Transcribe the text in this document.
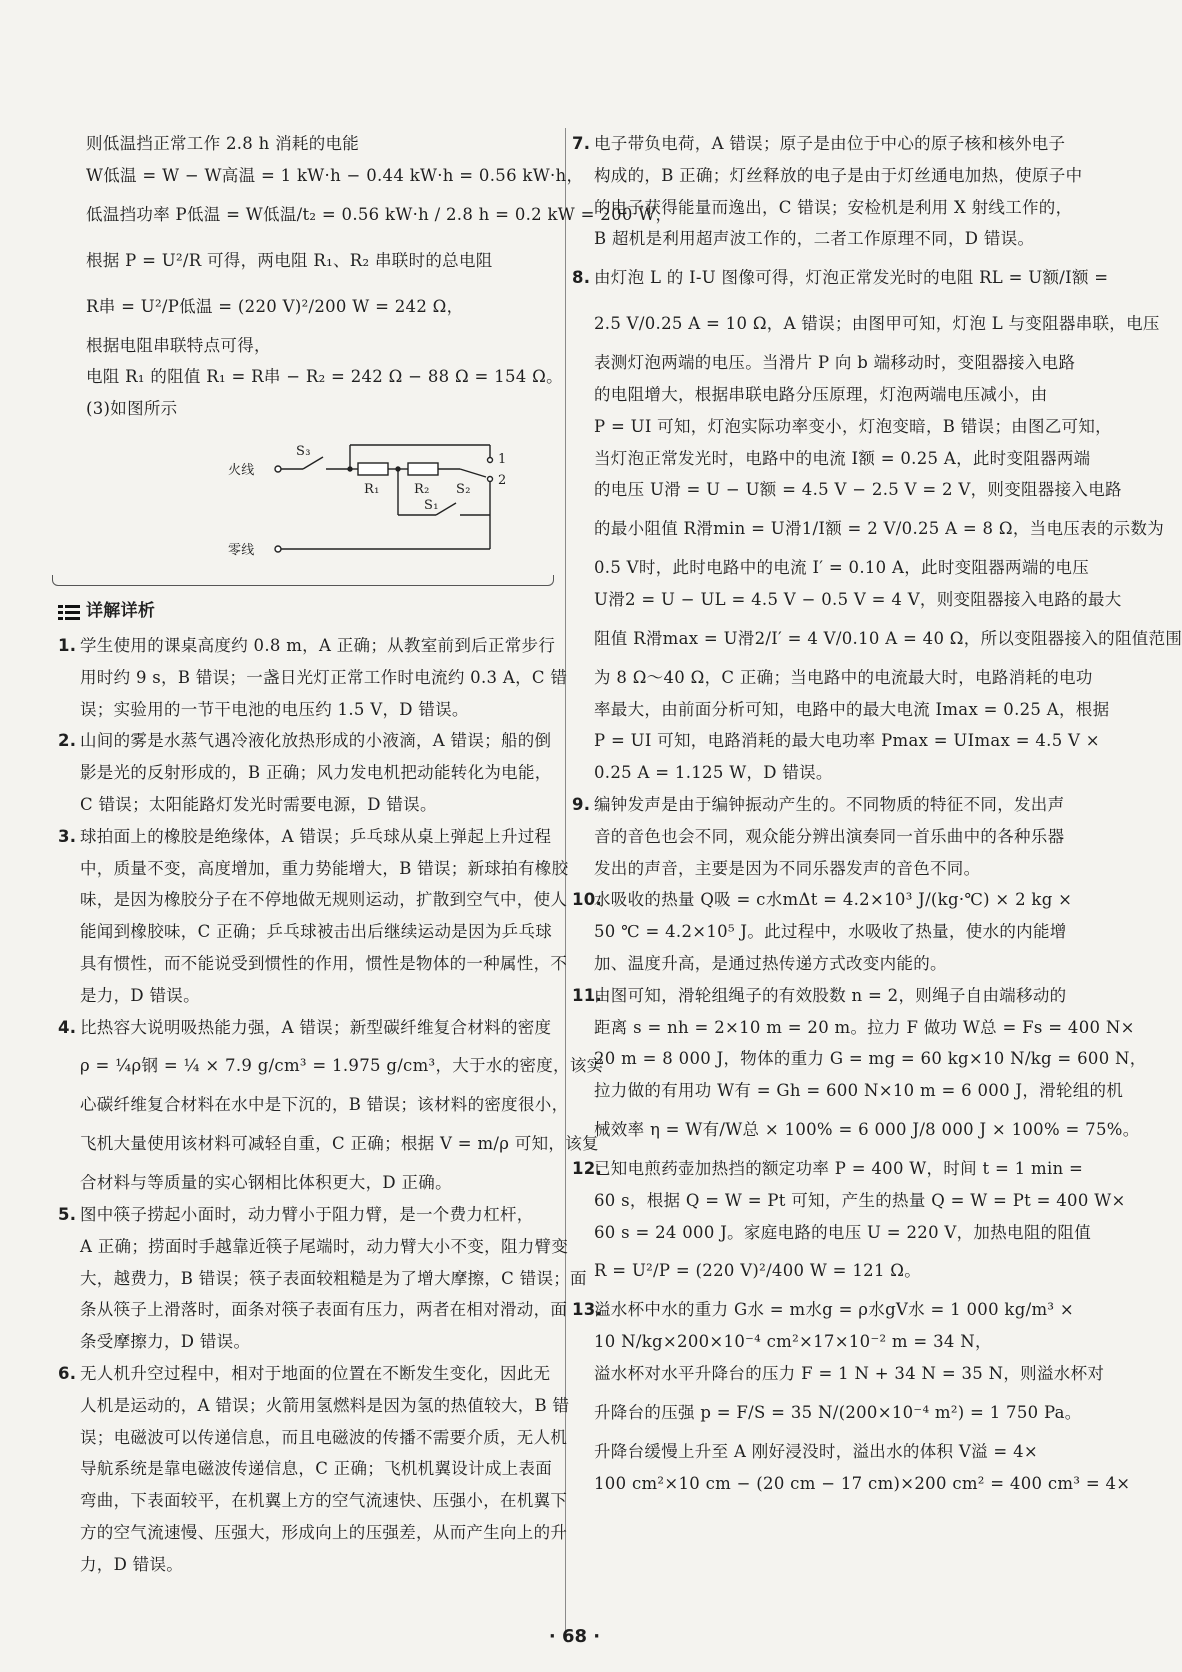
则低温挡正常工作 2.8 h 消耗的电能
W低温 = W − W高温 = 1 kW·h − 0.44 kW·h = 0.56 kW·h，
低温挡功率 P低温 = W低温/t₂ = 0.56 kW·h / 2.8 h = 0.2 kW = 200 W，
根据 P = U²/R 可得，两电阻 R₁、R₂ 串联时的总电阻
R串 = U²/P低温 = (220 V)²/200 W = 242 Ω，
根据电阻串联特点可得，
电阻 R₁ 的阻值 R₁ = R串 − R₂ = 242 Ω − 88 Ω = 154 Ω。
(3)如图所示
火线
零线
S₃
R₁	R₂ S₂
S₁
1
2
详解详析
1. 学生使用的课桌高度约 0.8 m，A 正确；从教室前到后正常步行
用时约 9 s，B 错误；一盏日光灯正常工作时电流约 0.3 A，C 错
误；实验用的一节干电池的电压约 1.5 V，D 错误。
2. 山间的雾是水蒸气遇冷液化放热形成的小液滴，A 错误；船的倒
影是光的反射形成的，B 正确；风力发电机把动能转化为电能，
C 错误；太阳能路灯发光时需要电源，D 错误。
3. 球拍面上的橡胶是绝缘体，A 错误；乒乓球从桌上弹起上升过程
中，质量不变，高度增加，重力势能增大，B 错误；新球拍有橡胶
味，是因为橡胶分子在不停地做无规则运动，扩散到空气中，使人
能闻到橡胶味，C 正确；乒乓球被击出后继续运动是因为乒乓球
具有惯性，而不能说受到惯性的作用，惯性是物体的一种属性，不
是力，D 错误。
4. 比热容大说明吸热能力强，A 错误；新型碳纤维复合材料的密度
ρ = ¼ρ钢 = ¼ × 7.9 g/cm³ = 1.975 g/cm³，大于水的密度，该实
心碳纤维复合材料在水中是下沉的，B 错误；该材料的密度很小，
飞机大量使用该材料可减轻自重，C 正确；根据 V = m/ρ 可知，该复
合材料与等质量的实心钢相比体积更大，D 正确。
5. 图中筷子捞起小面时，动力臂小于阻力臂，是一个费力杠杆，
A 正确；捞面时手越靠近筷子尾端时，动力臂大小不变，阻力臂变
大，越费力，B 错误；筷子表面较粗糙是为了增大摩擦，C 错误；面
条从筷子上滑落时，面条对筷子表面有压力，两者在相对滑动，面
条受摩擦力，D 错误。
6. 无人机升空过程中，相对于地面的位置在不断发生变化，因此无
人机是运动的，A 错误；火箭用氢燃料是因为氢的热值较大，B 错
误；电磁波可以传递信息，而且电磁波的传播不需要介质，无人机
导航系统是靠电磁波传递信息，C 正确；飞机机翼设计成上表面
弯曲，下表面较平，在机翼上方的空气流速快、压强小，在机翼下
方的空气流速慢、压强大，形成向上的压强差，从而产生向上的升
力，D 错误。
7. 电子带负电荷，A 错误；原子是由位于中心的原子核和核外电子
构成的，B 正确；灯丝释放的电子是由于灯丝通电加热，使原子中
的电子获得能量而逸出，C 错误；安检机是利用 X 射线工作的，
B 超机是利用超声波工作的，二者工作原理不同，D 错误。
8. 由灯泡 L 的 I-U 图像可得，灯泡正常发光时的电阻 RL = U额/I额 =
2.5 V/0.25 A = 10 Ω，A 错误；由图甲可知，灯泡 L 与变阻器串联，电压
表测灯泡两端的电压。当滑片 P 向 b 端移动时，变阻器接入电路
的电阻增大，根据串联电路分压原理，灯泡两端电压减小，由
P = UI 可知，灯泡实际功率变小，灯泡变暗，B 错误；由图乙可知，
当灯泡正常发光时，电路中的电流 I额 = 0.25 A，此时变阻器两端
的电压 U滑 = U − U额 = 4.5 V − 2.5 V = 2 V，则变阻器接入电路
的最小阻值 R滑min = U滑1/I额 = 2 V/0.25 A = 8 Ω，当电压表的示数为
0.5 V时，此时电路中的电流 I′ = 0.10 A，此时变阻器两端的电压
U滑2 = U − UL = 4.5 V − 0.5 V = 4 V，则变阻器接入电路的最大
阻值 R滑max = U滑2/I′ = 4 V/0.10 A = 40 Ω，所以变阻器接入的阻值范围
为 8 Ω～40 Ω，C 正确；当电路中的电流最大时，电路消耗的电功
率最大，由前面分析可知，电路中的最大电流 Imax = 0.25 A，根据
P = UI 可知，电路消耗的最大电功率 Pmax = UImax = 4.5 V ×
0.25 A = 1.125 W，D 错误。
9. 编钟发声是由于编钟振动产生的。不同物质的特征不同，发出声
音的音色也会不同，观众能分辨出演奏同一首乐曲中的各种乐器
发出的声音，主要是因为不同乐器发声的音色不同。
10.水吸收的热量 Q吸 = c水mΔt = 4.2×10³ J/(kg·℃) × 2 kg ×
50 ℃ = 4.2×10⁵ J。此过程中，水吸收了热量，使水的内能增
加、温度升高，是通过热传递方式改变内能的。
11.由图可知，滑轮组绳子的有效股数 n = 2，则绳子自由端移动的
距离 s = nh = 2×10 m = 20 m。拉力 F 做功 W总 = Fs = 400 N×
20 m = 8 000 J，物体的重力 G = mg = 60 kg×10 N/kg = 600 N，
拉力做的有用功 W有 = Gh = 600 N×10 m = 6 000 J，滑轮组的机
械效率 η = W有/W总 × 100% = 6 000 J/8 000 J × 100% = 75%。
12.已知电煎药壶加热挡的额定功率 P = 400 W，时间 t = 1 min =
60 s，根据 Q = W = Pt 可知，产生的热量 Q = W = Pt = 400 W×
60 s = 24 000 J。家庭电路的电压 U = 220 V，加热电阻的阻值
R = U²/P = (220 V)²/400 W = 121 Ω。
13.溢水杯中水的重力 G水 = m水g = ρ水gV水 = 1 000 kg/m³ ×
10 N/kg×200×10⁻⁴ cm²×17×10⁻² m = 34 N，
溢水杯对水平升降台的压力 F = 1 N + 34 N = 35 N，则溢水杯对
升降台的压强 p = F/S = 35 N/(200×10⁻⁴ m²) = 1 750 Pa。
升降台缓慢上升至 A 刚好浸没时，溢出水的体积 V溢 = 4×
100 cm²×10 cm − (20 cm − 17 cm)×200 cm² = 400 cm³ = 4×
· 68 ·
